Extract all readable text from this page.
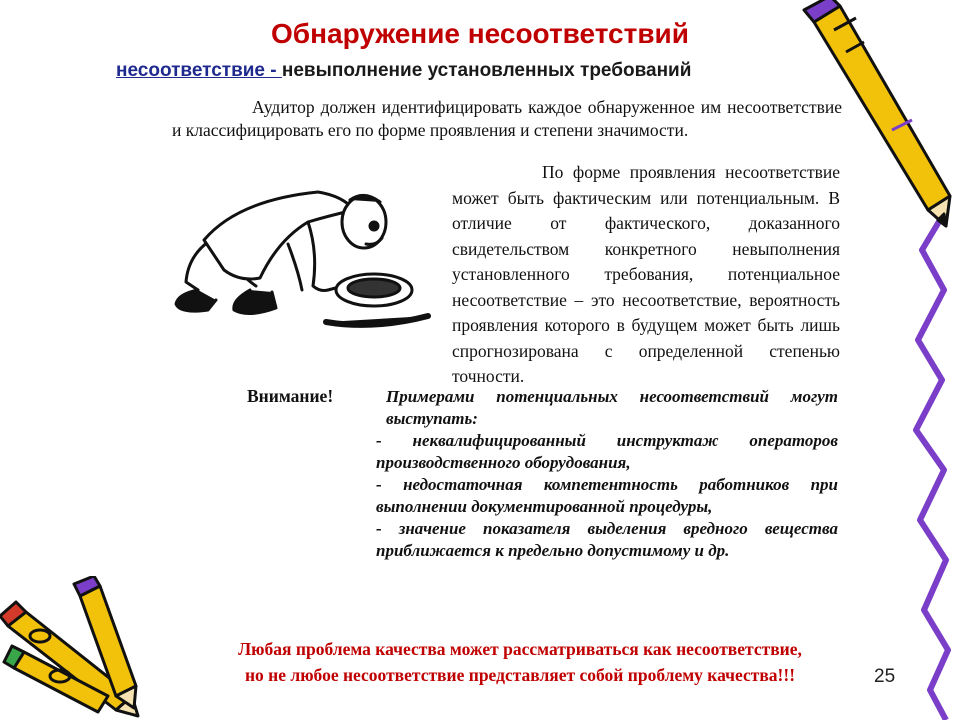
Обнаружение несоответствий
несоответствие - невыполнение установленных требований

Аудитор должен идентифицировать каждое обнаруженное им несоответствие и классифицировать его по форме проявления и степени значимости.

По форме проявления несоответствие может быть фактическим или потенциальным. В отличие от фактического, доказанного свидетельством конкретного невыполнения установленного требования, потенциальное несоответствие – это несоответствие, вероятность проявления которого в будущем может быть лишь спрогнозирована с определенной степенью точности.

Внимание!	Примерами потенциальных несоответствий могут выступать:

- неквалифицированный инструктаж операторов производственного оборудования,

- недостаточная компетентность работников при выполнении документированной процедуры,

- значение показателя выделения вредного вещества приближается к предельно допустимому и др.

Любая проблема качества может рассматриваться как несоответствие,
но не любое несоответствие представляет собой проблему качества!!!	25
